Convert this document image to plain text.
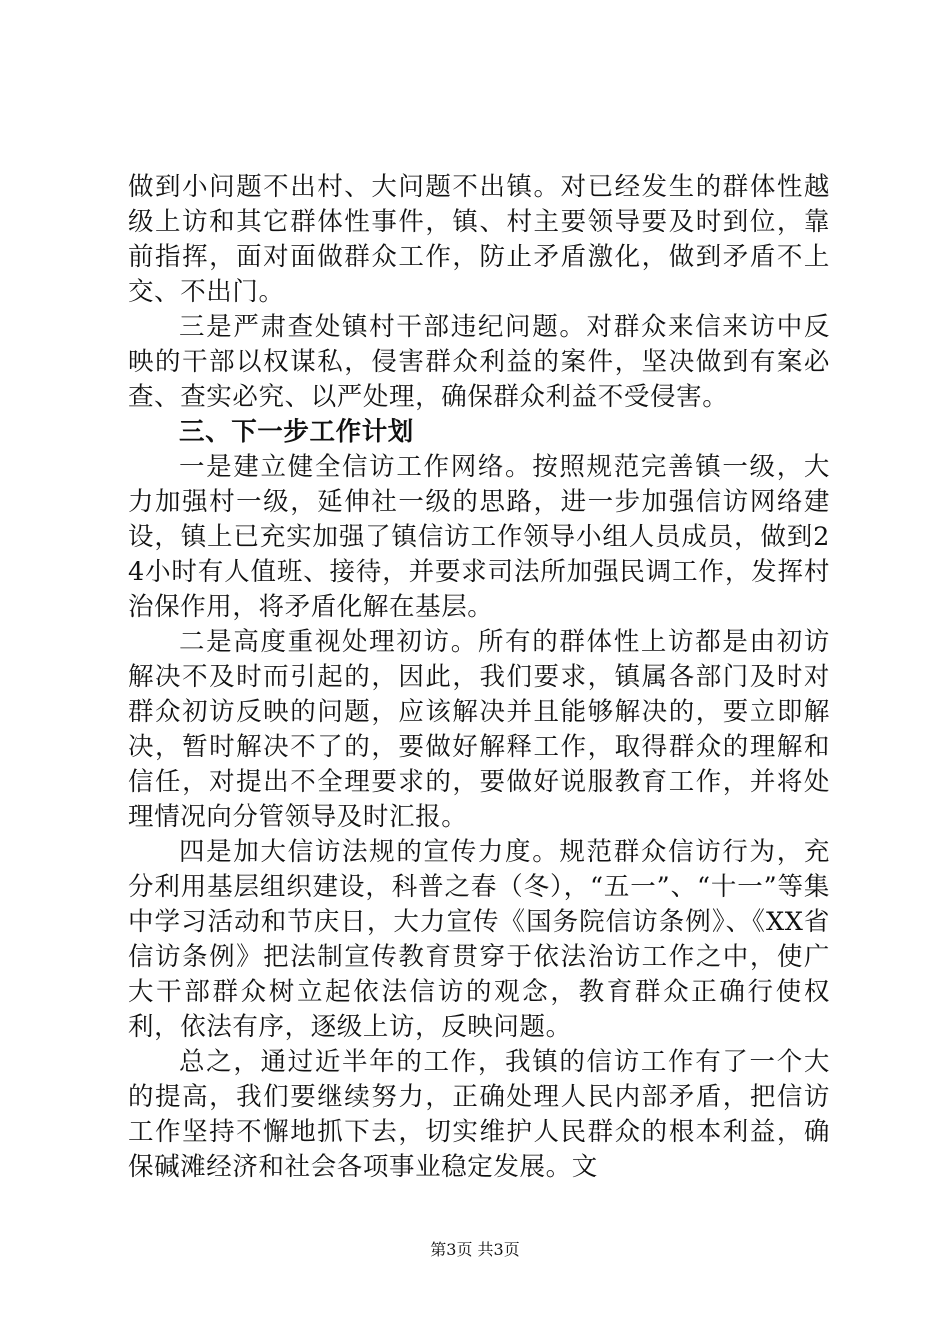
做到小问题不出村、大问题不出镇。对已经发生的群体性越级上访和其它群体性事件，镇、村主要领导要及时到位，靠前指挥，面对面做群众工作，防止矛盾激化，做到矛盾不上交、不出门。

三是严肃查处镇村干部违纪问题。对群众来信来访中反映的干部以权谋私，侵害群众利益的案件，坚决做到有案必查、查实必究、以严处理，确保群众利益不受侵害。

三、下一步工作计划

一是建立健全信访工作网络。按照规范完善镇一级，大力加强村一级，延伸社一级的思路，进一步加强信访网络建设，镇上已充实加强了镇信访工作领导小组人员成员，做到24小时有人值班、接待，并要求司法所加强民调工作，发挥村治保作用，将矛盾化解在基层。

二是高度重视处理初访。所有的群体性上访都是由初访解决不及时而引起的，因此，我们要求，镇属各部门及时对群众初访反映的问题，应该解决并且能够解决的，要立即解决，暂时解决不了的，要做好解释工作，取得群众的理解和信任，对提出不全理要求的，要做好说服教育工作，并将处理情况向分管领导及时汇报。

四是加大信访法规的宣传力度。规范群众信访行为，充分利用基层组织建设，科普之春（冬），“五一”、“十一”等集中学习活动和节庆日，大力宣传《国务院信访条例》、《XX省信访条例》把法制宣传教育贯穿于依法治访工作之中，使广大干部群众树立起依法信访的观念，教育群众正确行使权利，依法有序，逐级上访，反映问题。

总之，通过近半年的工作，我镇的信访工作有了一个大的提高，我们要继续努力，正确处理人民内部矛盾，把信访工作坚持不懈地抓下去，切实维护人民群众的根本利益，确保碱滩经济和社会各项事业稳定发展。文

第3页 共3页
